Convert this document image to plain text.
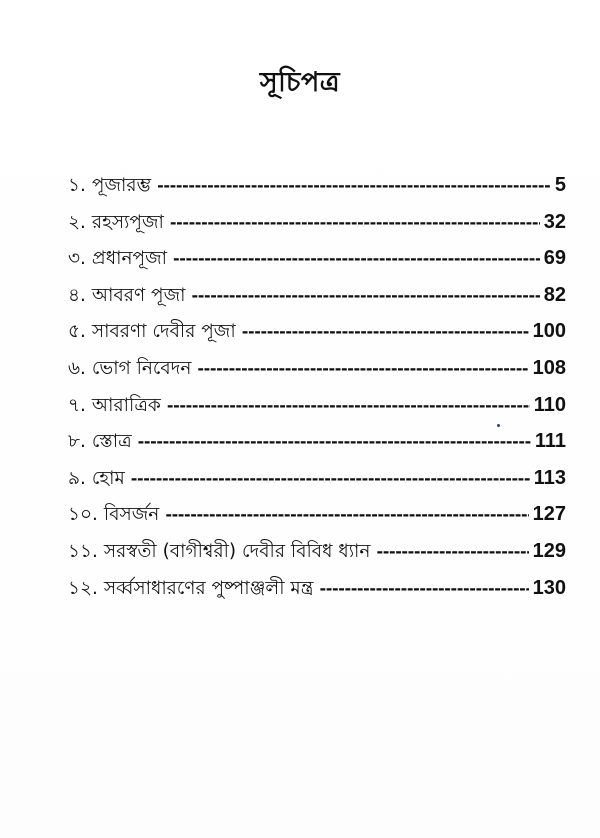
সূচিপত্র
১. পূজারম্ভ -----	5
২. রহস্যপূজা -----	32
৩. প্রধানপূজা -----	69
৪. আবরণ পূজা -----	82
৫. সাবরণা দেবীর পূজা -----	100
৬. ভোগ নিবেদন -----	108
৭. আরাত্রিক -----	110
৮. স্তোত্র -----	111
৯. হোম -----	113
১০. বিসর্জন -----	127
১১. সরস্বতী (বাগীশ্বরী) দেবীর বিবিধ ধ্যান -----	129
১২. সর্ব্বসাধারণের পুষ্পাঞ্জলী মন্ত্র -----	130
